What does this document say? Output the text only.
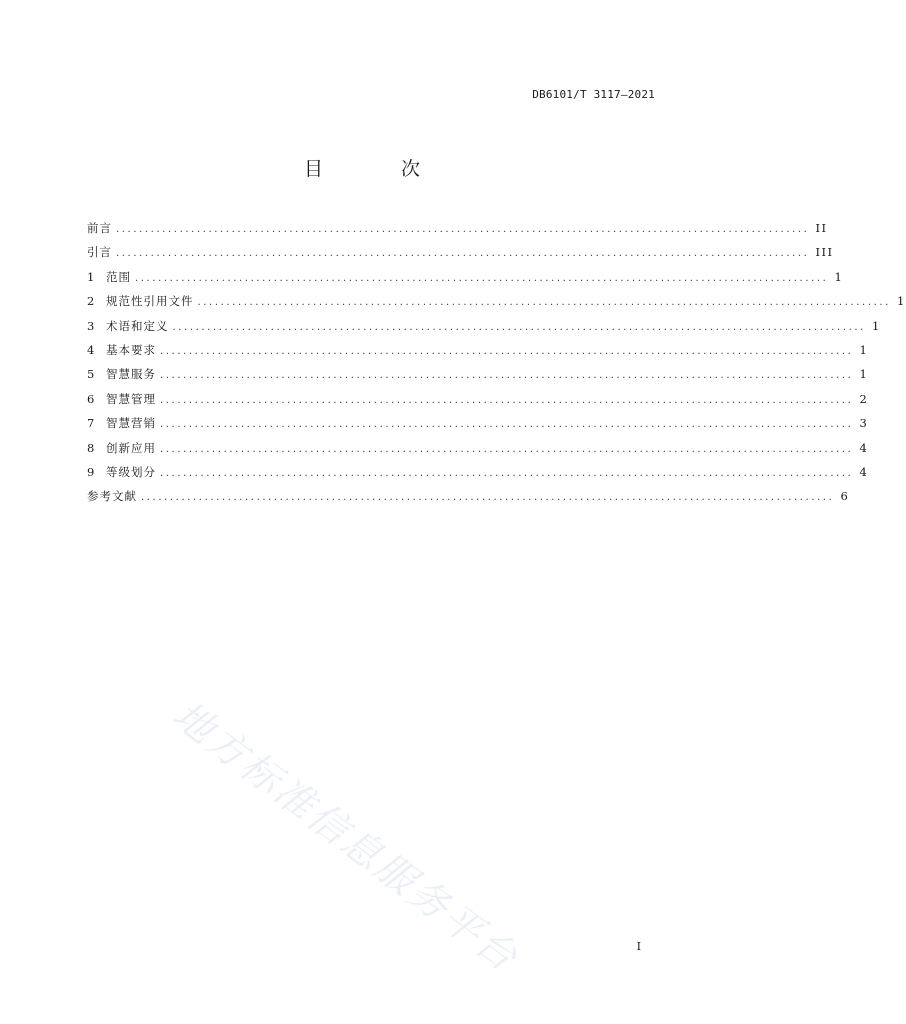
DB6101/T 3117—2021
目 次
前言 ........................................................................................................................ II
引言 ........................................................................................................................ III
1	范围 ........................................................................................................................ 1
2	规范性引用文件 ........................................................................................................................ 1
3	术语和定义 ........................................................................................................................ 1
4	基本要求 ........................................................................................................................ 1
5	智慧服务 ........................................................................................................................ 1
6	智慧管理 ........................................................................................................................ 2
7	智慧营销 ........................................................................................................................ 3
8	创新应用 ........................................................................................................................ 4
9	等级划分 ........................................................................................................................ 4
参考文献 ........................................................................................................................ 6
地方标准信息服务平台	I
